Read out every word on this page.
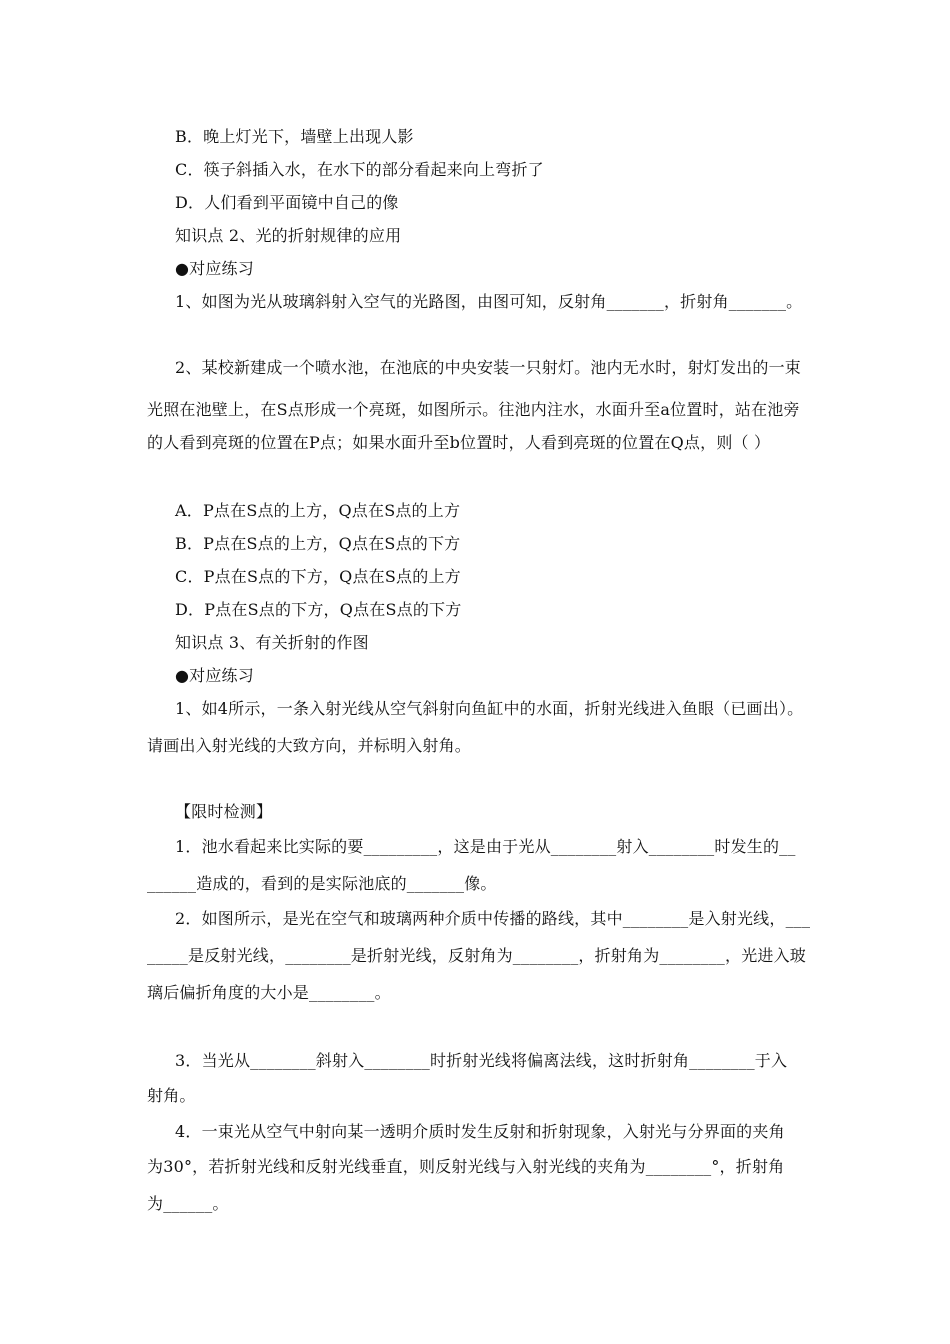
B．晚上灯光下，墙壁上出现人影
C．筷子斜插入水，在水下的部分看起来向上弯折了
D．人们看到平面镜中自己的像
知识点 2、光的折射规律的应用
●对应练习
1、如图为光从玻璃斜射入空气的光路图，由图可知，反射角_______，折射角_______。
2、某校新建成一个喷水池，在池底的中央安装一只射灯。池内无水时，射灯发出的一束
光照在池壁上，在S点形成一个亮斑，如图所示。往池内注水，水面升至a位置时，站在池旁
的人看到亮斑的位置在P点；如果水面升至b位置时，人看到亮斑的位置在Q点，则（ ）
A．P点在S点的上方，Q点在S点的上方
B．P点在S点的上方，Q点在S点的下方
C．P点在S点的下方，Q点在S点的上方
D．P点在S点的下方，Q点在S点的下方
知识点 3、有关折射的作图
●对应练习
1、如4所示，一条入射光线从空气斜射向鱼缸中的水面，折射光线进入鱼眼（已画出）。
请画出入射光线的大致方向，并标明入射角。
【限时检测】
1．池水看起来比实际的要_________，这是由于光从________射入________时发生的__
______造成的，看到的是实际池底的_______像。
2．如图所示，是光在空气和玻璃两种介质中传播的路线，其中________是入射光线，___
_____是反射光线，________是折射光线，反射角为________，折射角为________，光进入玻
璃后偏折角度的大小是________。
3．当光从________斜射入________时折射光线将偏离法线，这时折射角________于入
射角。
4．一束光从空气中射向某一透明介质时发生反射和折射现象，入射光与分界面的夹角
为30°，若折射光线和反射光线垂直，则反射光线与入射光线的夹角为________°，折射角
为______。
